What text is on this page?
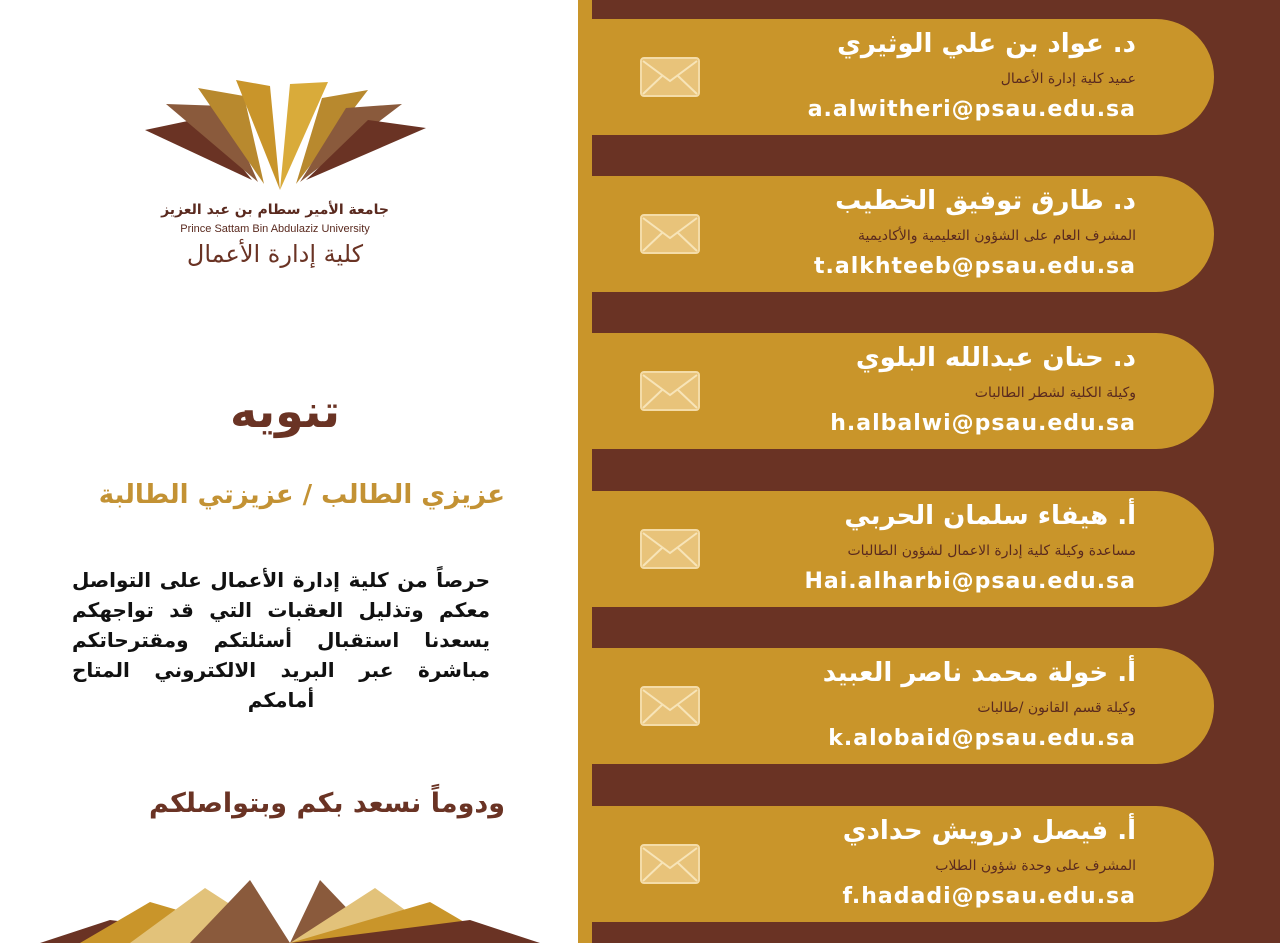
جامعة الأمير سطام بن عبد العزيز
Prince Sattam Bin Abdulaziz University
كلية إدارة الأعمال
تنويه
عزيزي الطالب / عزيزتي الطالبة
حرصاً من كلية إدارة الأعمال على التواصل معكم وتذليل العقبات التي قد تواجهكم يسعدنا استقبال أسئلتكم ومقترحاتكم مباشرة عبر البريد الالكتروني المتاح أمامكم
ودوماً نسعد بكم وبتواصلكم
د. عواد بن علي الوثيري
عميد كلية إدارة الأعمال
a.alwitheri@psau.edu.sa
د. طارق توفيق الخطيب
المشرف العام على الشؤون التعليمية والأكاديمية
t.alkhteeb@psau.edu.sa
د. حنان عبدالله البلوي
وكيلة الكلية لشطر الطالبات
h.albalwi@psau.edu.sa
أ. هيفاء سلمان الحربي
مساعدة وكيلة كلية إدارة الاعمال لشؤون الطالبات
Hai.alharbi@psau.edu.sa
أ. خولة محمد ناصر العبيد
وكيلة قسم القانون /طالبات
k.alobaid@psau.edu.sa
أ. فيصل درويش حدادي
المشرف على وحدة شؤون الطلاب
f.hadadi@psau.edu.sa
